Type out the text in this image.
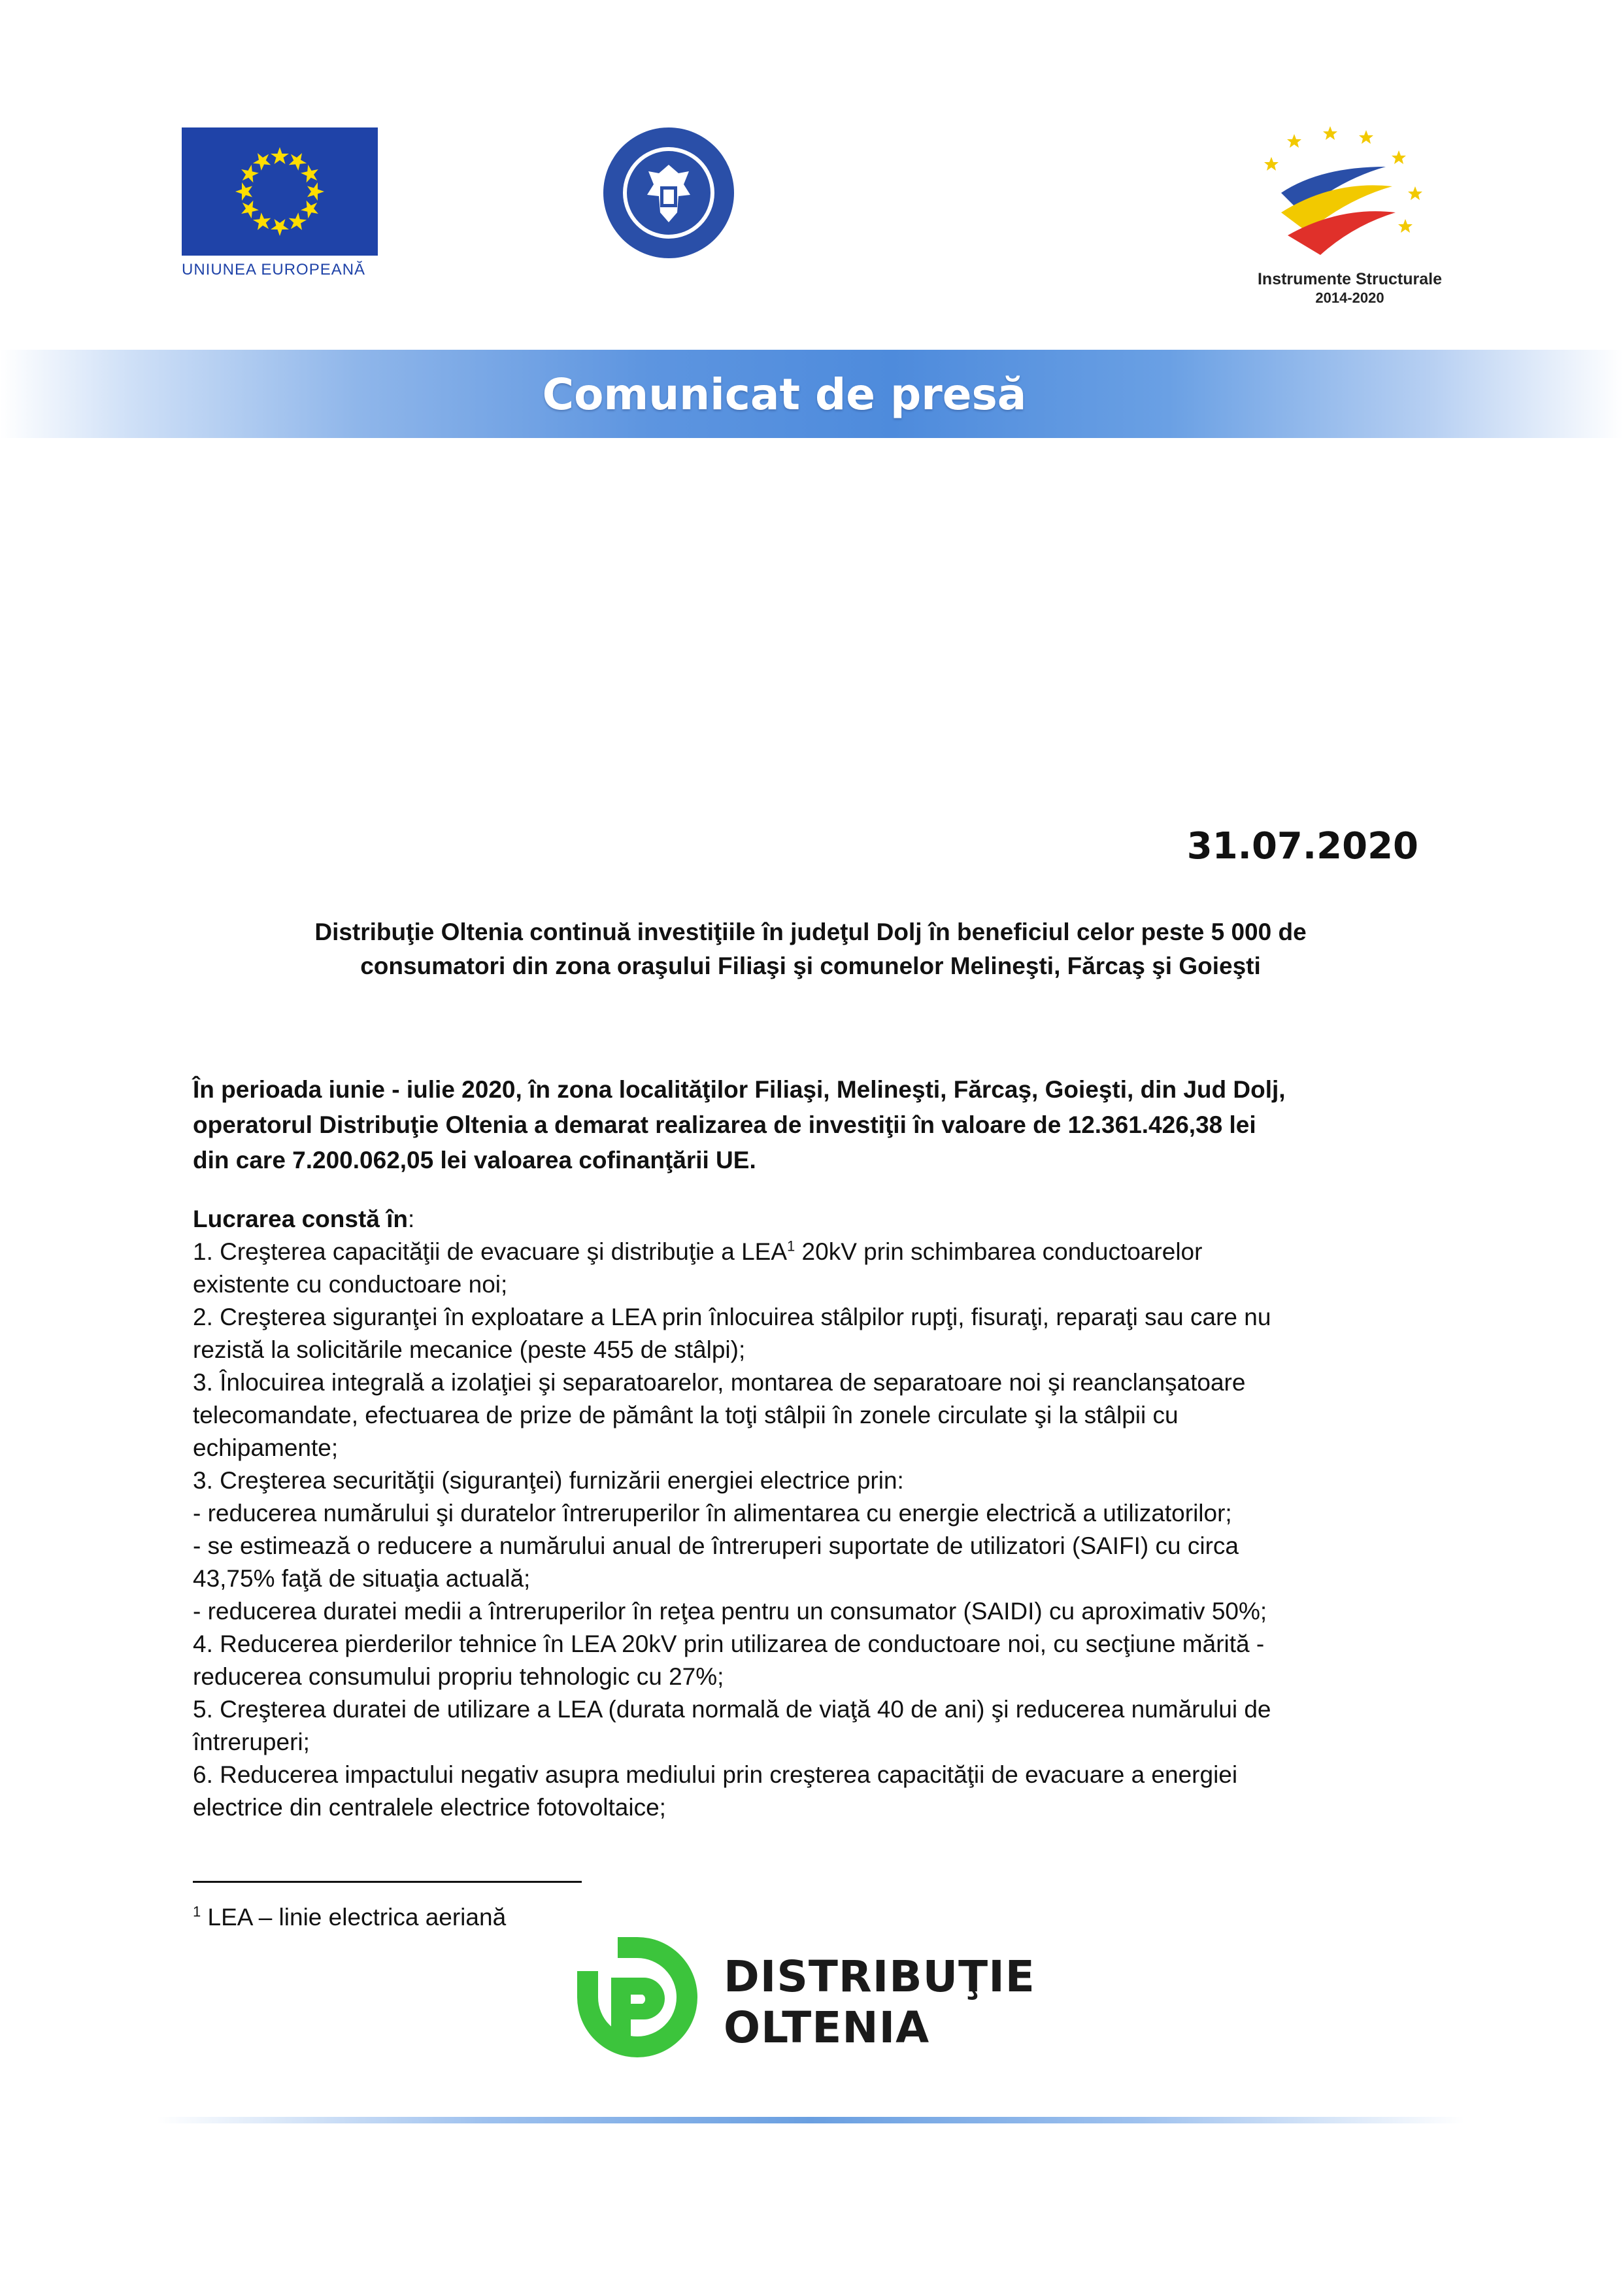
UNIUNEA EUROPEANĂ
Instrumente Structurale
2014-2020
Comunicat de presă
31.07.2020
Distribuţie Oltenia continuă investiţiile în judeţul Dolj în beneficiul celor peste 5 000 de
consumatori din zona oraşului Filiaşi şi comunelor Melineşti, Fărcaş şi Goieşti
În perioada iunie - iulie 2020, în zona localităţilor Filiaşi, Melineşti, Fărcaş, Goieşti, din Jud Dolj,
operatorul Distribuţie Oltenia a demarat realizarea de investiţii în valoare de 12.361.426,38 lei
din care 7.200.062,05 lei valoarea cofinanţării UE.
Lucrarea constă în:
1. Creşterea capacităţii de evacuare şi distribuţie a LEA$^1$ 20kV prin schimbarea conductoarelor
existente cu conductoare noi;
2. Creşterea siguranţei în exploatare a LEA prin înlocuirea stâlpilor rupţi, fisuraţi, reparaţi sau care nu
rezistă la solicitările mecanice (peste 455 de stâlpi);
3. Înlocuirea integrală a izolaţiei şi separatoarelor, montarea de separatoare noi şi reanclanşatoare
telecomandate, efectuarea de prize de pământ la toţi stâlpii în zonele circulate şi la stâlpii cu
echipamente;
3. Creşterea securităţii (siguranţei) furnizării energiei electrice prin:
- reducerea numărului şi duratelor întreruperilor în alimentarea cu energie electrică a utilizatorilor;
- se estimează o reducere a numărului anual de întreruperi suportate de utilizatori (SAIFI) cu circa
43,75% faţă de situaţia actuală;
- reducerea duratei medii a întreruperilor în reţea pentru un consumator (SAIDI) cu aproximativ 50%;
4. Reducerea pierderilor tehnice în LEA 20kV prin utilizarea de conductoare noi, cu secţiune mărită -
reducerea consumului propriu tehnologic cu 27%;
5. Creşterea duratei de utilizare a LEA (durata normală de viaţă 40 de ani) şi reducerea numărului de
întreruperi;
6. Reducerea impactului negativ asupra mediului prin creşterea capacităţii de evacuare a energiei
electrice din centralele electrice fotovoltaice;
$^1$ LEA – linie electrica aeriană
DISTRIBUŢIE
OLTENIA
